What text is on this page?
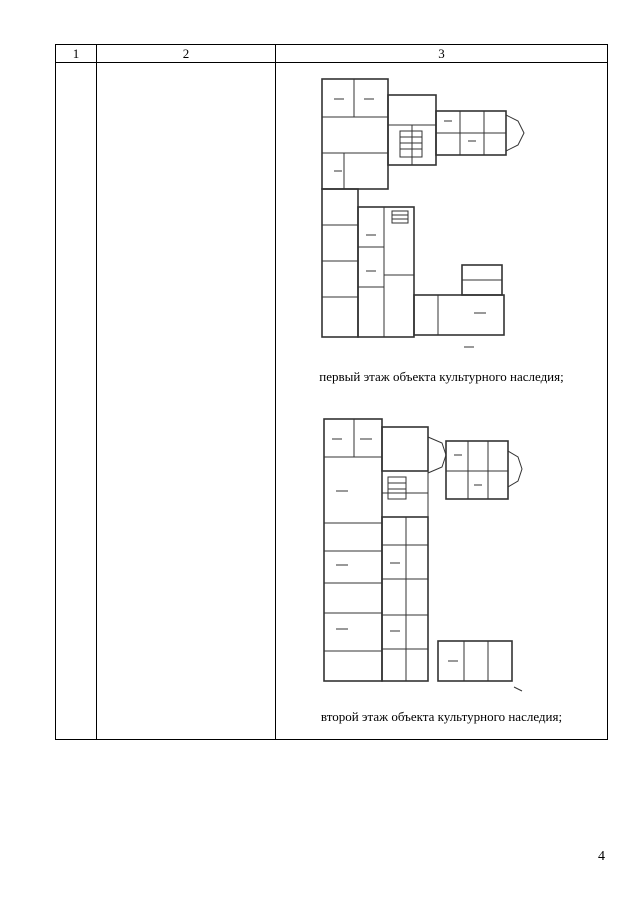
1	2	3
первый этаж объекта культурного наследия;
второй этаж объекта культурного наследия;
4
